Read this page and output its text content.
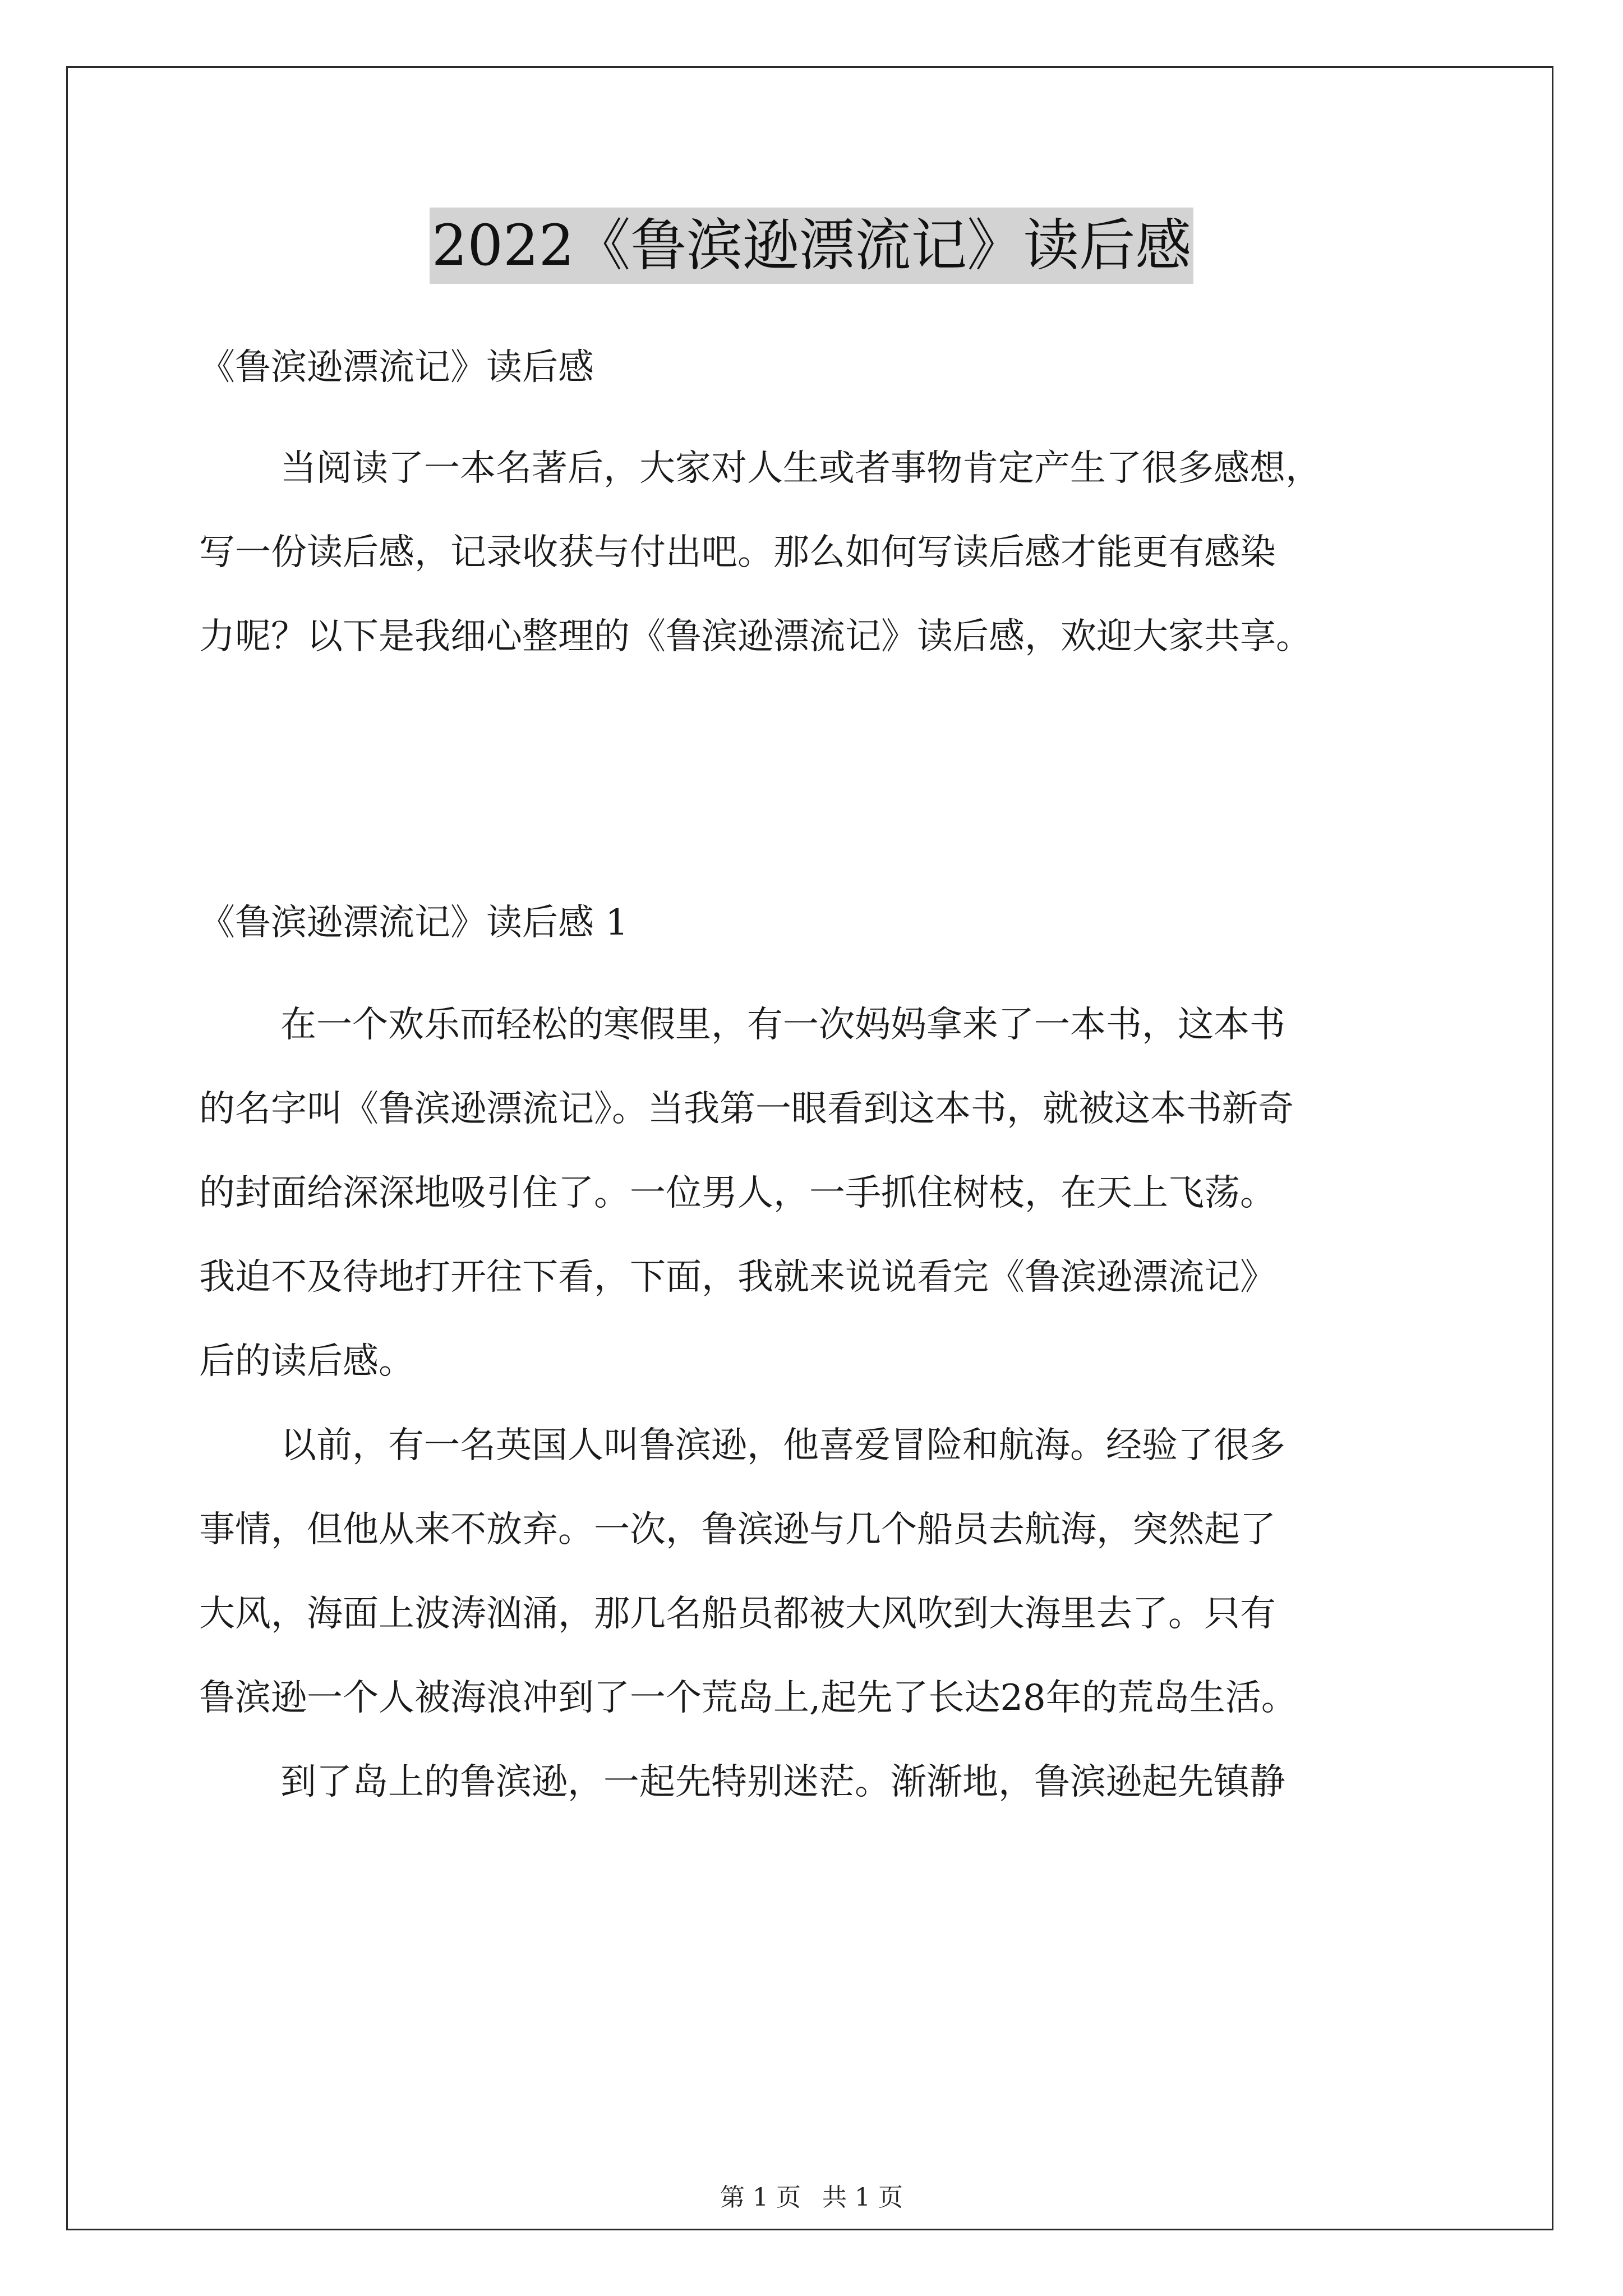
2022《鲁滨逊漂流记》读后感
《鲁滨逊漂流记》读后感
当阅读了一本名著后，大家对人生或者事物肯定产生了很多感想，
写一份读后感，记录收获与付出吧。那么如何写读后感才能更有感染
力呢？以下是我细心整理的《鲁滨逊漂流记》读后感，欢迎大家共享。
《鲁滨逊漂流记》读后感 1
在一个欢乐而轻松的寒假里，有一次妈妈拿来了一本书，这本书
的名字叫《鲁滨逊漂流记》。当我第一眼看到这本书，就被这本书新奇
的封面给深深地吸引住了。一位男人，一手抓住树枝，在天上飞荡。
我迫不及待地打开往下看，下面，我就来说说看完《鲁滨逊漂流记》
后的读后感。
以前，有一名英国人叫鲁滨逊，他喜爱冒险和航海。经验了很多
事情，但他从来不放弃。一次，鲁滨逊与几个船员去航海，突然起了
大风，海面上波涛汹涌，那几名船员都被大风吹到大海里去了。只有
鲁滨逊一个人被海浪冲到了一个荒岛上,起先了长达28年的荒岛生活。
到了岛上的鲁滨逊，一起先特别迷茫。渐渐地，鲁滨逊起先镇静
第 1 页 共 1 页
